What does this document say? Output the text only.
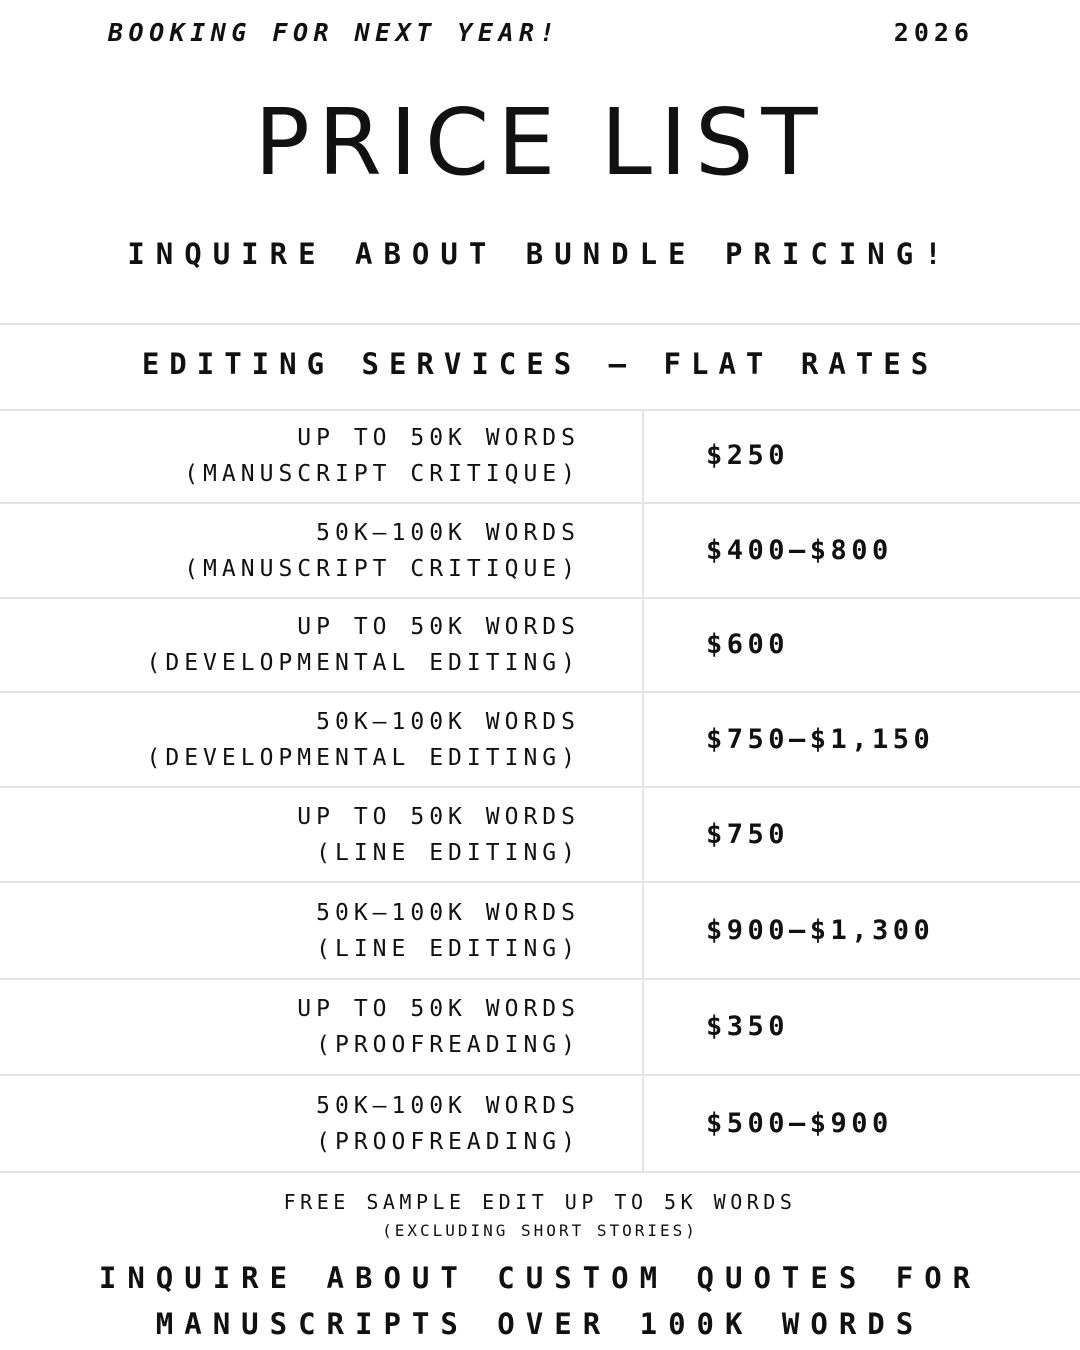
BOOKING FOR NEXT YEAR!	2026
PRICE LIST
INQUIRE ABOUT BUNDLE PRICING!
EDITING SERVICES – FLAT RATES
UP TO 50K WORDS
(MANUSCRIPT CRITIQUE)
$250
50K–100K WORDS
(MANUSCRIPT CRITIQUE)
$400–$800
UP TO 50K WORDS
(DEVELOPMENTAL EDITING)
$600
50K–100K WORDS
(DEVELOPMENTAL EDITING)
$750–$1,150
UP TO 50K WORDS
(LINE EDITING)
$750
50K–100K WORDS
(LINE EDITING)
$900–$1,300
UP TO 50K WORDS
(PROOFREADING)
$350
50K–100K WORDS
(PROOFREADING)
$500–$900
FREE SAMPLE EDIT UP TO 5K WORDS
(EXCLUDING SHORT STORIES)
INQUIRE ABOUT CUSTOM QUOTES FOR
MANUSCRIPTS OVER 100K WORDS
